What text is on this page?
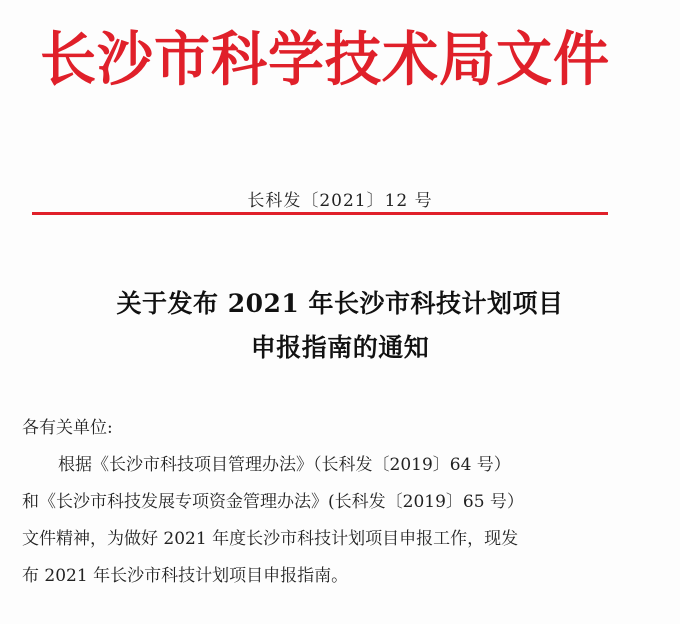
长沙市科学技术局文件
长科发〔2021〕12 号
关于发布 2021 年长沙市科技计划项目
申报指南的通知
各有关单位:
根据《长沙市科技项目管理办法》（长科发〔2019〕64 号）
和《长沙市科技发展专项资金管理办法》(长科发〔2019〕65 号）
文件精神，为做好 2021 年度长沙市科技计划项目申报工作，现发
布 2021 年长沙市科技计划项目申报指南。
